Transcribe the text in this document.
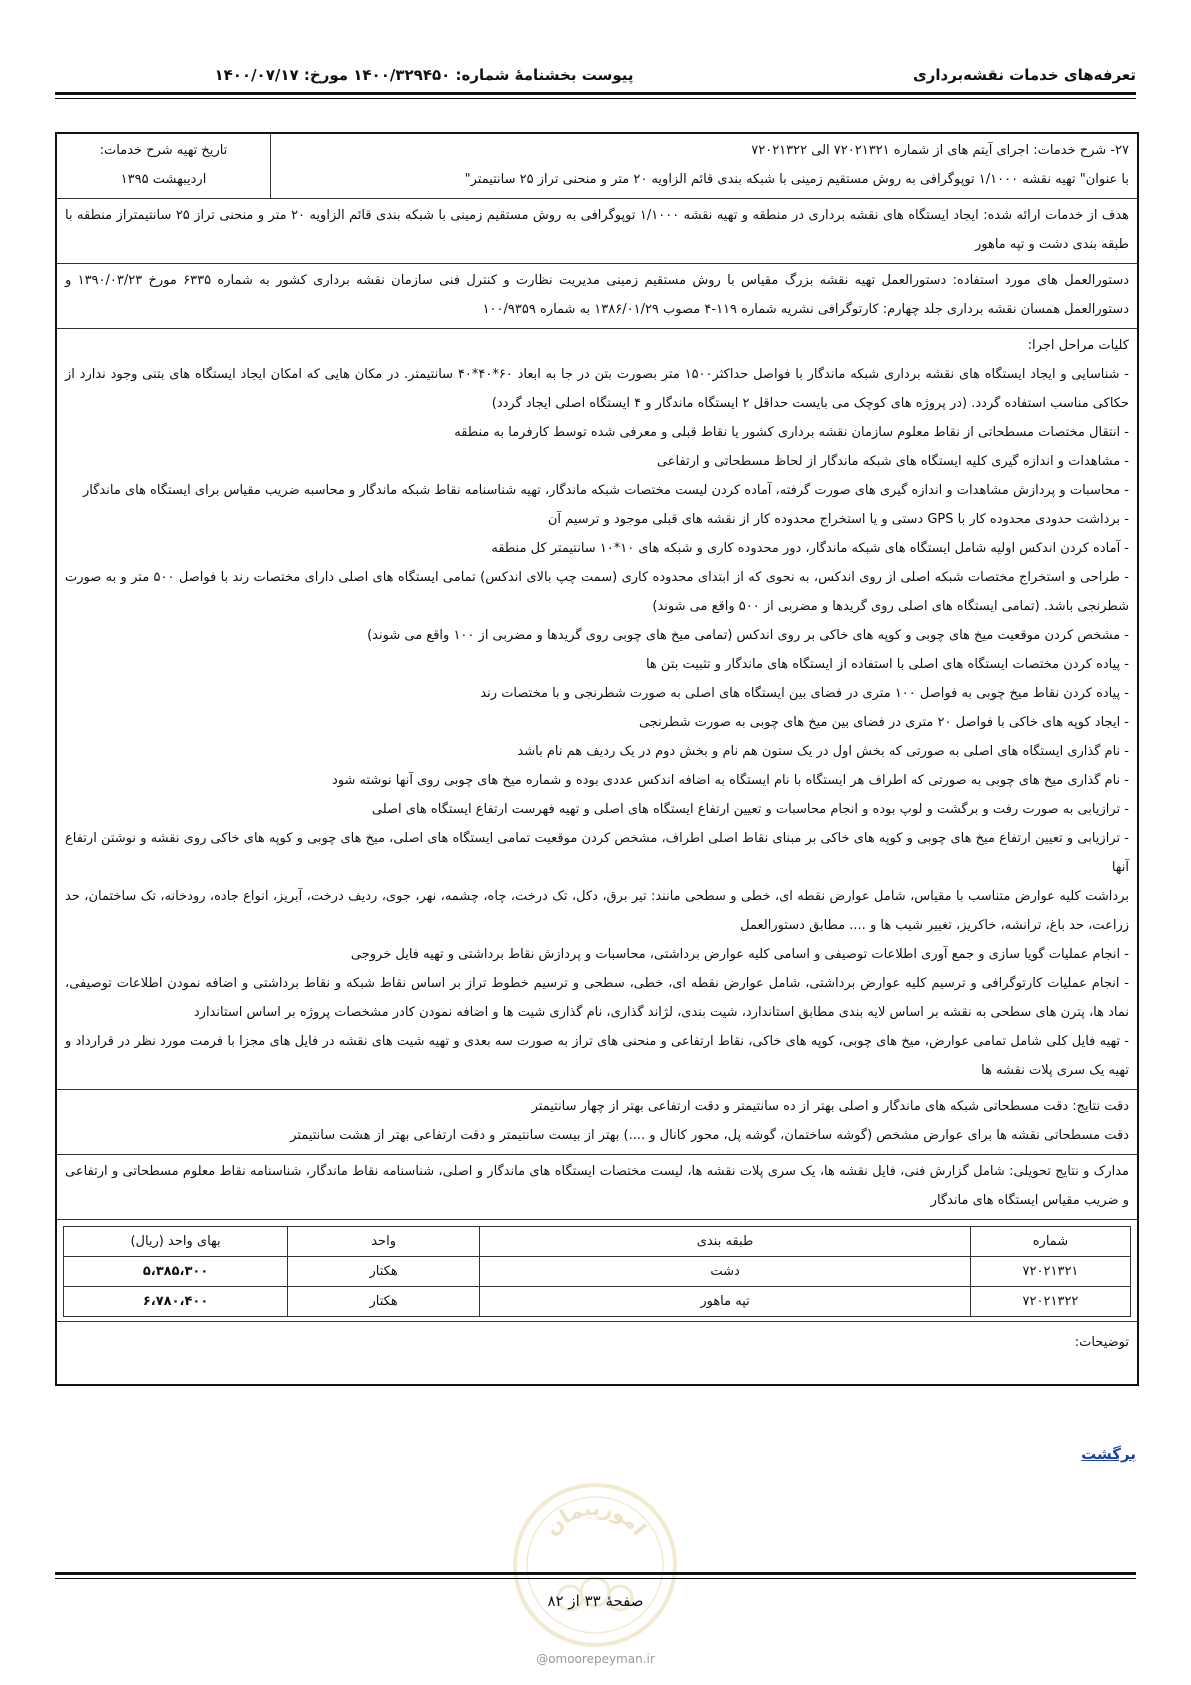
تعرفه‌های خدمات نقشه‌برداری
پیوست بخشنامهٔ شماره: ۱۴۰۰/۳۲۹۴۵۰ مورخ: ۱۴۰۰/۰۷/۱۷
۲۷- شرح خدمات: اجرای آیتم های از شماره ۷۲۰۲۱۳۲۱ الی ۷۲۰۲۱۳۲۲
با عنوان" تهیه نقشه ۱/۱۰۰۰ توپوگرافی به روش مستقیم زمینی با شبکه بندی قائم الزاویه ۲۰ متر و منحنی تراز ۲۵ سانتیمتر"
تاریخ تهیه شرح خدمات:
اردیبهشت ۱۳۹۵
هدف از خدمات ارائه شده: ایجاد ایستگاه های نقشه برداری در منطقه و تهیه نقشه ۱/۱۰۰۰ توپوگرافی به روش مستقیم زمینی با شبکه بندی قائم الزاویه ۲۰ متر و منحنی تراز ۲۵ سانتیمتراز منطقه با طبقه بندی دشت و تپه ماهور
دستورالعمل های مورد استفاده: دستورالعمل تهیه نقشه بزرگ مقیاس با روش مستقیم زمینی مدیریت نظارت و کنترل فنی سازمان نقشه برداری کشور به شماره ۶۳۳۵ مورخ ۱۳۹۰/۰۳/۲۳ و دستورالعمل همسان نقشه برداری جلد چهارم: کارتوگرافی نشریه شماره ۱۱۹-۴ مصوب ۱۳۸۶/۰۱/۲۹ به شماره ۱۰۰/۹۳۵۹

کلیات مراحل اجرا:

- شناسایی و ایجاد ایستگاه های نقشه برداری شبکه ماندگار با فواصل حداکثر۱۵۰۰ متر بصورت بتن در جا به ابعاد ۶۰*۴۰*۴۰ سانتیمتر. در مکان هایی که امکان ایجاد ایستگاه های بتنی وجود ندارد از حکاکی مناسب استفاده گردد. (در پروژه های کوچک می بایست حداقل ۲ ایستگاه ماندگار و ۴ ایستگاه اصلی ایجاد گردد)

- انتقال مختصات مسطحاتی از نقاط معلوم سازمان نقشه برداری کشور یا نقاط قبلی و معرفی شده توسط کارفرما به منطقه

- مشاهدات و اندازه گیری کلیه ایستگاه های شبکه ماندگار از لحاظ مسطحاتی و ارتفاعی

- محاسبات و پردازش مشاهدات و اندازه گیری های صورت گرفته، آماده کردن لیست مختصات شبکه ماندگار، تهیه شناسنامه نقاط شبکه ماندگار و محاسبه ضریب مقیاس برای ایستگاه های ماندگار

- برداشت حدودی محدوده کار با GPS دستی و یا استخراج محدوده کار از نقشه های قبلی موجود و ترسیم آن

- آماده کردن اندکس اولیه شامل ایستگاه های شبکه ماندگار، دور محدوده کاری و شبکه های ۱۰*۱۰ سانتیمتر کل منطقه

- طراحی و استخراج مختصات شبکه اصلی از روی اندکس، به نحوی که از ابتدای محدوده کاری (سمت چپ بالای اندکس) تمامی ایستگاه های اصلی دارای مختصات رند با فواصل ۵۰۰ متر و به صورت شطرنجی باشد. (تمامی ایستگاه های اصلی روی گریدها و مضربی از ۵۰۰ واقع می شوند)

- مشخص کردن موقعیت میخ های چوبی و کوپه های خاکی بر روی اندکس (تمامی میخ های چوبی روی گریدها و مضربی از ۱۰۰ واقع می شوند)

- پیاده کردن مختصات ایستگاه های اصلی با استفاده از ایستگاه های ماندگار و تثبیت بتن ها

- پیاده کردن نقاط میخ چوبی به فواصل ۱۰۰ متری در فضای بین ایستگاه های اصلی به صورت شطرنجی و با مختصات رند

- ایجاد کوپه های خاکی با فواصل ۲۰ متری در فضای بین میخ های چوبی به صورت شطرنجی

- نام گذاری ایستگاه های اصلی به صورتی که بخش اول در یک ستون هم نام و بخش دوم در یک ردیف هم نام باشد

- نام گذاری میخ های چوبی به صورتی که اطراف هر ایستگاه با نام ایستگاه به اضافه اندکس عددی بوده و شماره میخ های چوبی روی آنها نوشته شود

- ترازیابی به صورت رفت و برگشت و لوپ بوده و انجام محاسبات و تعیین ارتفاع ایستگاه های اصلی و تهیه فهرست ارتفاع ایستگاه های اصلی

- ترازیابی و تعیین ارتفاع میخ های چوبی و کوپه های خاکی بر مبنای نقاط اصلی اطراف، مشخص کردن موقعیت تمامی ایستگاه های اصلی، میخ های چوبی و کوپه های خاکی روی نقشه و نوشتن ارتفاع آنها

برداشت کلیه عوارض متناسب با مقیاس، شامل عوارض نقطه ای، خطی و سطحی مانند: تیر برق، دکل، تک درخت، چاه، چشمه، نهر، جوی، ردیف درخت، آبریز، انواع جاده، رودخانه، تک ساختمان، حد زراعت، حد باغ، ترانشه، خاکریز، تغییر شیب ها و .... مطابق دستورالعمل

- انجام عملیات گویا سازی و جمع آوری اطلاعات توصیفی و اسامی کلیه عوارض برداشتی، محاسبات و پردازش نقاط برداشتی و تهیه فایل خروجی

- انجام عملیات کارتوگرافی و ترسیم کلیه عوارض برداشتی، شامل عوارض نقطه ای، خطی، سطحی و ترسیم خطوط تراز بر اساس نقاط شبکه و نقاط برداشتی و اضافه نمودن اطلاعات توصیفی، نماد ها، پترن های سطحی به نقشه بر اساس لایه بندی مطابق استاندارد، شیت بندی، لژاند گذاری، نام گذاری شیت ها و اضافه نمودن کادر مشخصات پروژه بر اساس استاندارد

- تهیه فایل کلی شامل تمامی عوارض، میخ های چوبی، کوپه های خاکی، نقاط ارتفاعی و منحنی های تراز به صورت سه بعدی و تهیه شیت های نقشه در فایل های مجزا با فرمت مورد نظر در قرارداد و تهیه یک سری پلات نقشه ها

دقت نتایج: دقت مسطحاتی شبکه های ماندگار و اصلی بهتر از ده سانتیمتر و دقت ارتفاعی بهتر از چهار سانتیمتر
دقت مسطحاتی نقشه ها برای عوارض مشخص (گوشه ساختمان، گوشه پل، محور کانال و ....) بهتر از بیست سانتیمتر و دقت ارتفاعی بهتر از هشت سانتیمتر
مدارک و نتایج تحویلی: شامل گزارش فنی، فایل نقشه ها، یک سری پلات نقشه ها، لیست مختصات ایستگاه های ماندگار و اصلی، شناسنامه نقاط ماندگار، شناسنامه نقاط معلوم مسطحاتی و ارتفاعی و ضریب مقیاس ایستگاه های ماندگار
شماره	طبقه بندی	واحد	بهای واحد (ریال)
۷۲۰۲۱۳۲۱	دشت	هکتار	۵،۳۸۵،۳۰۰
۷۲۰۲۱۳۲۲	تپه ماهور	هکتار	۶،۷۸۰،۴۰۰
توضیحات:
برگشت
امورپیمان
صفحهٔ ۳۳ از ۸۲
@omoorepeyman.ir
